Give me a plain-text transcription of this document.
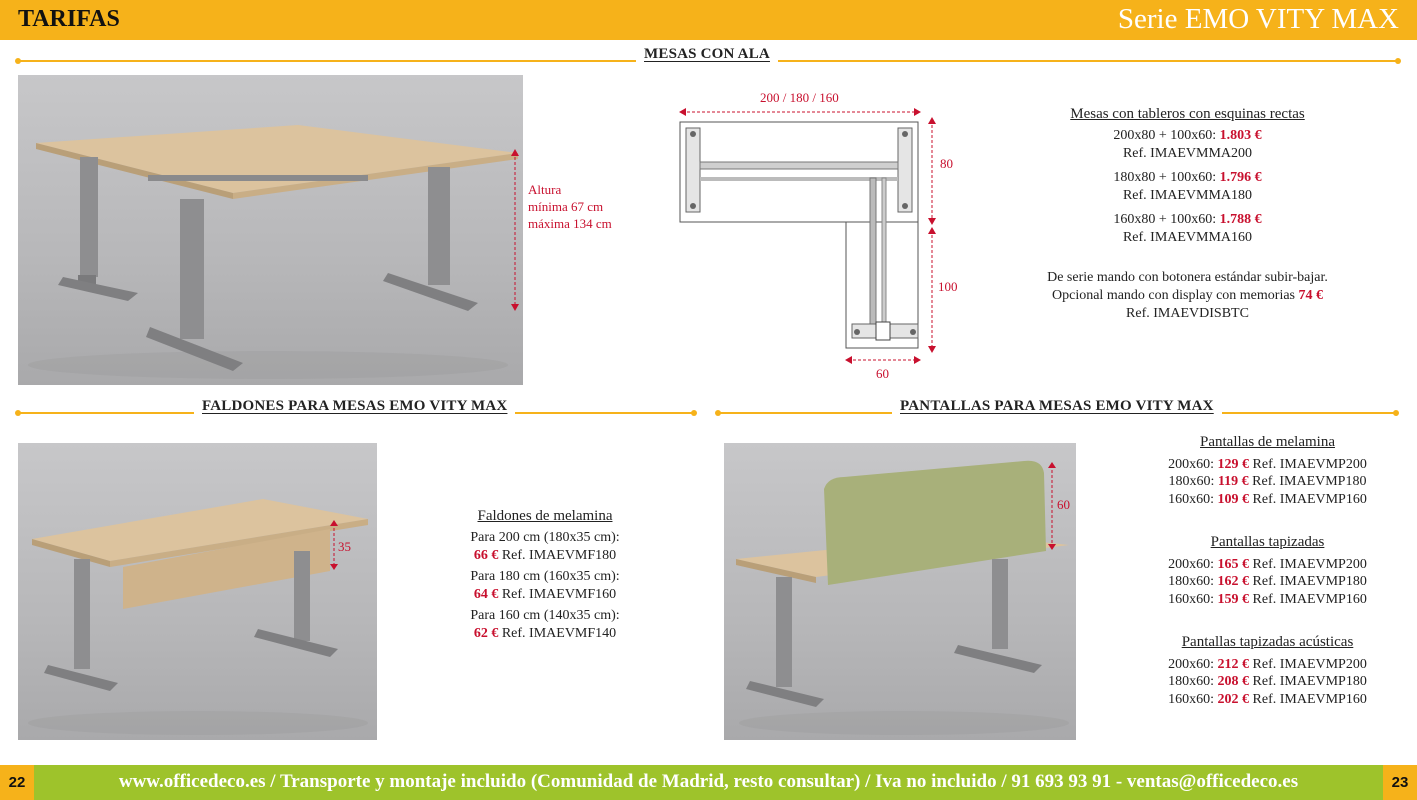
TARIFAS	Serie EMO VITY MAX
MESAS CON ALA
Altura
mínima 67 cm
máxima 134 cm
200 / 180 / 160
80
100
60
Mesas con tableros con esquinas rectas
200x80 + 100x60: 1.803 €
Ref. IMAEVMMA200
180x80 + 100x60: 1.796 €
Ref. IMAEVMMA180
160x80 + 100x60: 1.788 €
Ref. IMAEVMMA160
De serie mando con botonera estándar subir-bajar.
Opcional mando con display con memorias 74 €
Ref. IMAEVDISBTC
FALDONES PARA MESAS EMO VITY MAX	PANTALLAS PARA MESAS EMO VITY MAX
35
Faldones de melamina
Para 200 cm (180x35 cm):
66 € Ref. IMAEVMF180
Para 180 cm (160x35 cm):
64 € Ref. IMAEVMF160
Para 160 cm (140x35 cm):
62 € Ref. IMAEVMF140
60
Pantallas de melamina
200x60: 129 € Ref. IMAEVMP200
180x60: 119 € Ref. IMAEVMP180
160x60: 109 € Ref. IMAEVMP160
Pantallas tapizadas
200x60: 165 € Ref. IMAEVMP200
180x60: 162 € Ref. IMAEVMP180
160x60: 159 € Ref. IMAEVMP160
Pantallas tapizadas acústicas
200x60: 212 € Ref. IMAEVMP200
180x60: 208 € Ref. IMAEVMP180
160x60: 202 € Ref. IMAEVMP160
22	www.officedeco.es / Transporte y montaje incluido (Comunidad de Madrid, resto consultar) / Iva no incluido / 91 693 93 91 - ventas@officedeco.es	23
